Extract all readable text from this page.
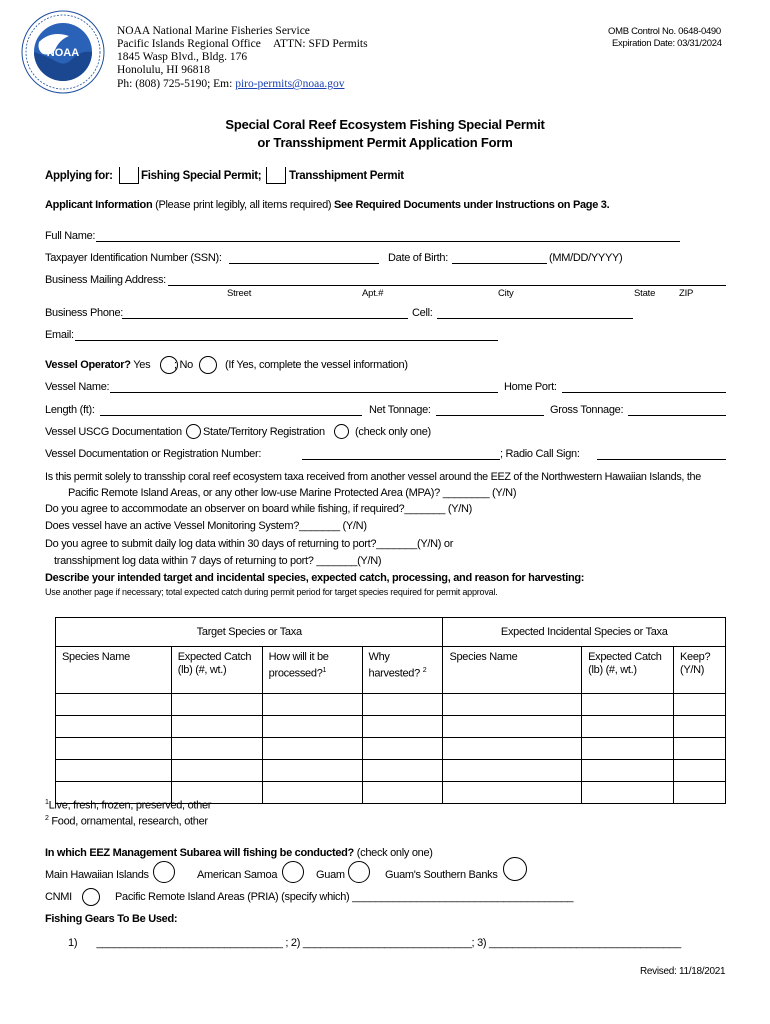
NOAA
NOAA National Marine Fisheries Service
Pacific Islands Regional Office ATTN: SFD Permits
1845 Wasp Blvd., Bldg. 176
Honolulu, HI 96818
Ph: (808) 725-5190; Em: piro-permits@noaa.gov
OMB Control No. 0648-0490
Expiration Date: 03/31/2024
Special Coral Reef Ecosystem Fishing Special Permit
or Transshipment Permit Application Form
Applying for: Fishing Special Permit; Transshipment Permit
Applicant Information (Please print legibly, all items required) See Required Documents under Instructions on Page 3.
Full Name:
Taxpayer Identification Number (SSN):	Date of Birth:	(MM/DD/YYYY)
Business Mailing Address:
Street	Apt.#	City	State	ZIP
Business Phone:	Cell:
Email:
Vessel Operator? Yes ; No	(If Yes, complete the vessel information)
Vessel Name:	Home Port:
Length (ft):	Net Tonnage:	Gross Tonnage:
Vessel USCG Documentation State/Territory Registration	(check only one)
Vessel Documentation or Registration Number:	; Radio Call Sign:
Is this permit solely to transship coral reef ecosystem taxa received from another vessel around the EEZ of the Northwestern Hawaiian Islands, the
Pacific Remote Island Areas, or any other low-use Marine Protected Area (MPA)? ________ (Y/N)
Do you agree to accommodate an observer on board while fishing, if required?_______ (Y/N)
Does vessel have an active Vessel Monitoring System?_______ (Y/N)
Do you agree to submit daily log data within 30 days of returning to port?_______(Y/N) or
transshipment log data within 7 days of returning to port? _______(Y/N)
Describe your intended target and incidental species, expected catch, processing, and reason for harvesting:
Use another page if necessary; total expected catch during permit period for target species required for permit approval.
Target Species or Taxa				Expected Incidental Species or Taxa		
Species Name	Expected Catch (lb) (#, wt.)	How will it be processed?$^1$	Why harvested? $^2$	Species Name	Expected Catch (lb) (#, wt.)	Keep? (Y/N)

$^1$Live, fresh, frozen, preserved, other
$^2$ Food, ornamental, research, other
In which EEZ Management Subarea will fishing be conducted? (check only one)
Main Hawaiian Islands	American Samoa	Guam	Guam's Southern Banks
CNMI	Pacific Remote Island Areas (PRIA) (specify which) ______________________________________
Fishing Gears To Be Used:
1)       ________________________________ ; 2) _____________________________; 3) _________________________________
Revised: 11/18/2021
